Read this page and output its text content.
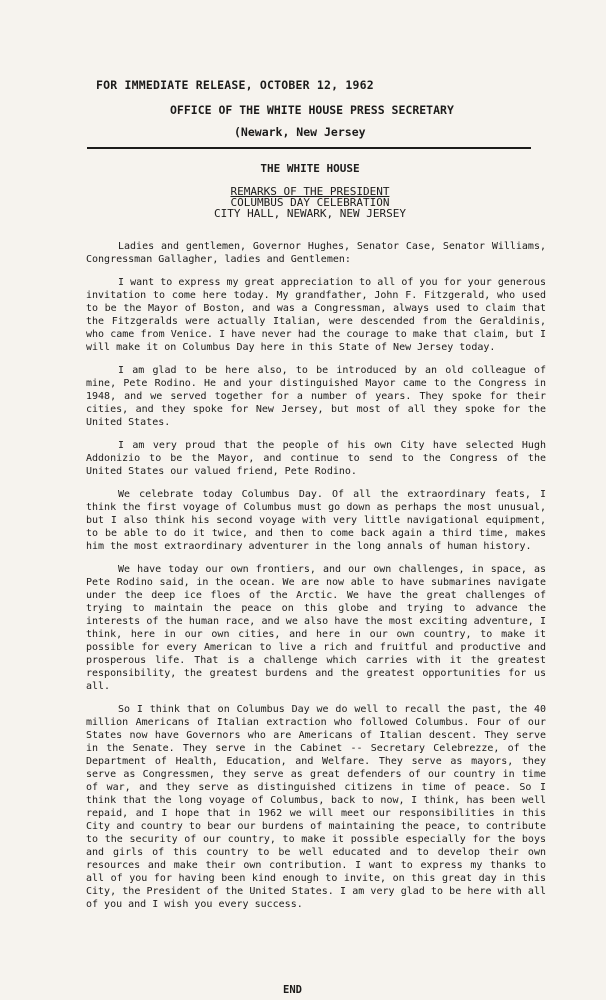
FOR IMMEDIATE RELEASE, OCTOBER 12, 1962
OFFICE OF THE WHITE HOUSE PRESS SECRETARY
(Newark, New Jersey
THE WHITE HOUSE
REMARKS OF THE PRESIDENT
COLUMBUS DAY CELEBRATION
CITY HALL, NEWARK, NEW JERSEY

Ladies and gentlemen, Governor Hughes, Senator Case, Senator Williams, Congressman Gallagher, ladies and Gentlemen:

I want to express my great appreciation to all of you for your generous invitation to come here today. My grandfather, John F. Fitzgerald, who used to be the Mayor of Boston, and was a Congressman, always used to claim that the Fitzgeralds were actually Italian, were descended from the Geraldinis, who came from Venice. I have never had the courage to make that claim, but I will make it on Columbus Day here in this State of New Jersey today.

I am glad to be here also, to be introduced by an old colleague of mine, Pete Rodino. He and your distinguished Mayor came to the Congress in 1948, and we served together for a number of years. They spoke for their cities, and they spoke for New Jersey, but most of all they spoke for the United States.

I am very proud that the people of his own City have selected Hugh Addonizio to be the Mayor, and continue to send to the Congress of the United States our valued friend, Pete Rodino.

We celebrate today Columbus Day. Of all the extraordinary feats, I think the first voyage of Columbus must go down as perhaps the most unusual, but I also think his second voyage with very little navigational equipment, to be able to do it twice, and then to come back again a third time, makes him the most extraordinary adventurer in the long annals of human history.

We have today our own frontiers, and our own challenges, in space, as Pete Rodino said, in the ocean. We are now able to have submarines navigate under the deep ice floes of the Arctic. We have the great challenges of trying to maintain the peace on this globe and trying to advance the interests of the human race, and we also have the most exciting adventure, I think, here in our own cities, and here in our own country, to make it possible for every American to live a rich and fruitful and productive and prosperous life. That is a challenge which carries with it the greatest responsibility, the greatest burdens and the greatest opportunities for us all.

So I think that on Columbus Day we do well to recall the past, the 40 million Americans of Italian extraction who followed Columbus. Four of our States now have Governors who are Americans of Italian descent. They serve in the Senate. They serve in the Cabinet -- Secretary Celebrezze, of the Department of Health, Education, and Welfare. They serve as mayors, they serve as Congressmen, they serve as great defenders of our country in time of war, and they serve as distinguished citizens in time of peace. So I think that the long voyage of Columbus, back to now, I think, has been well repaid, and I hope that in 1962 we will meet our responsibilities in this City and country to bear our burdens of maintaining the peace, to contribute to the security of our country, to make it possible especially for the boys and girls of this country to be well educated and to develop their own resources and make their own contribution. I want to express my thanks to all of you for having been kind enough to invite, on this great day in this City, the President of the United States. I am very glad to be here with all of you and I wish you every success.

END
